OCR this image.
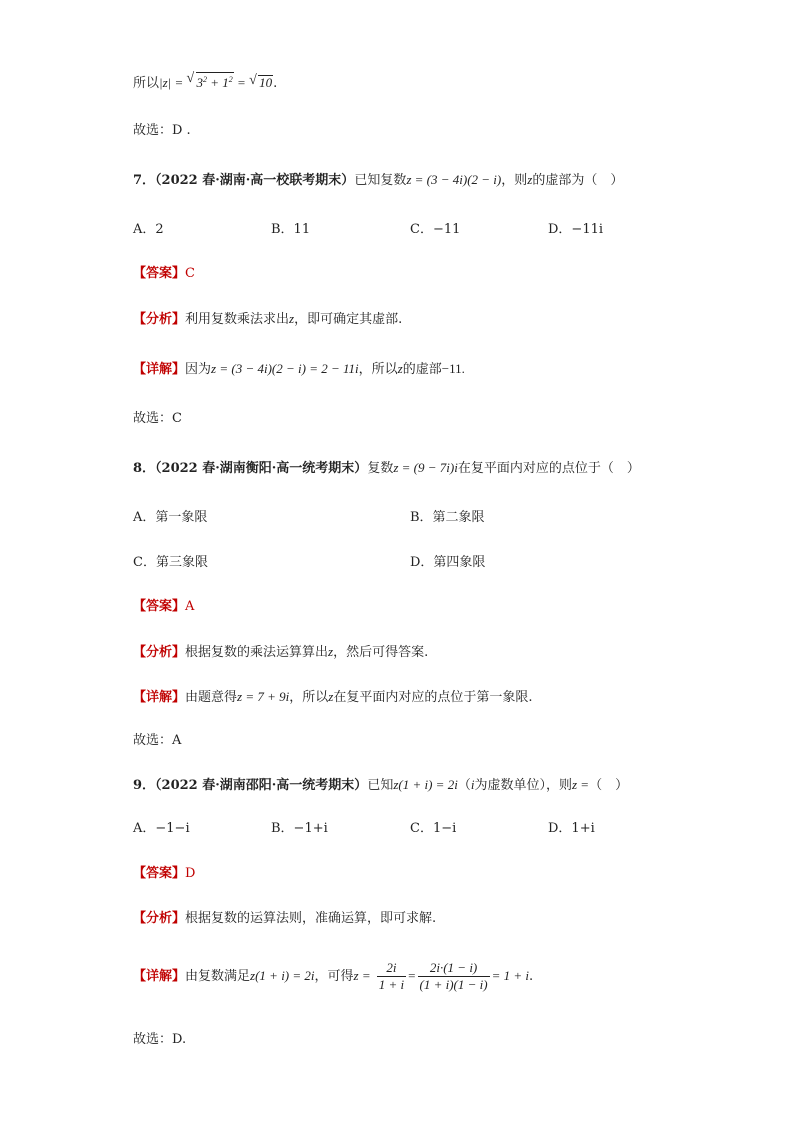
所以|z| = √ $3^2 + 1^2$ = √ 10.
故选：D .
7．（2022 春·湖南·高一校联考期末）已知复数z = (3 − 4i)(2 − i)，则z的虚部为（　）
A．2	B．11	C．−11	D．−11i
【答案】C
【分析】利用复数乘法求出z，即可确定其虚部.
【详解】因为z = (3 − 4i)(2 − i) = 2 − 11i，所以z的虚部−11.
故选：C
8．（2022 春·湖南衡阳·高一统考期末）复数z = (9 − 7i)i在复平面内对应的点位于（　）
A．第一象限	B．第二象限
C．第三象限	D．第四象限
【答案】A
【分析】根据复数的乘法运算算出z，然后可得答案.
【详解】由题意得z = 7 + 9i，所以z在复平面内对应的点位于第一象限.
故选：A
9．（2022 春·湖南邵阳·高一统考期末）已知z(1 + i) = 2i（i为虚数单位），则z =（　）
A．−1−i	B．−1+i	C．1−i	D．1+i
【答案】D
【分析】根据复数的运算法则，准确运算，即可求解.
【详解】由复数满足z(1 + i) = 2i，可得$z = \frac{2i}{1 + i} = \frac{2i\cdot(1 - i)}{(1 + i)(1 - i)} = 1 + i$.
故选：D.
